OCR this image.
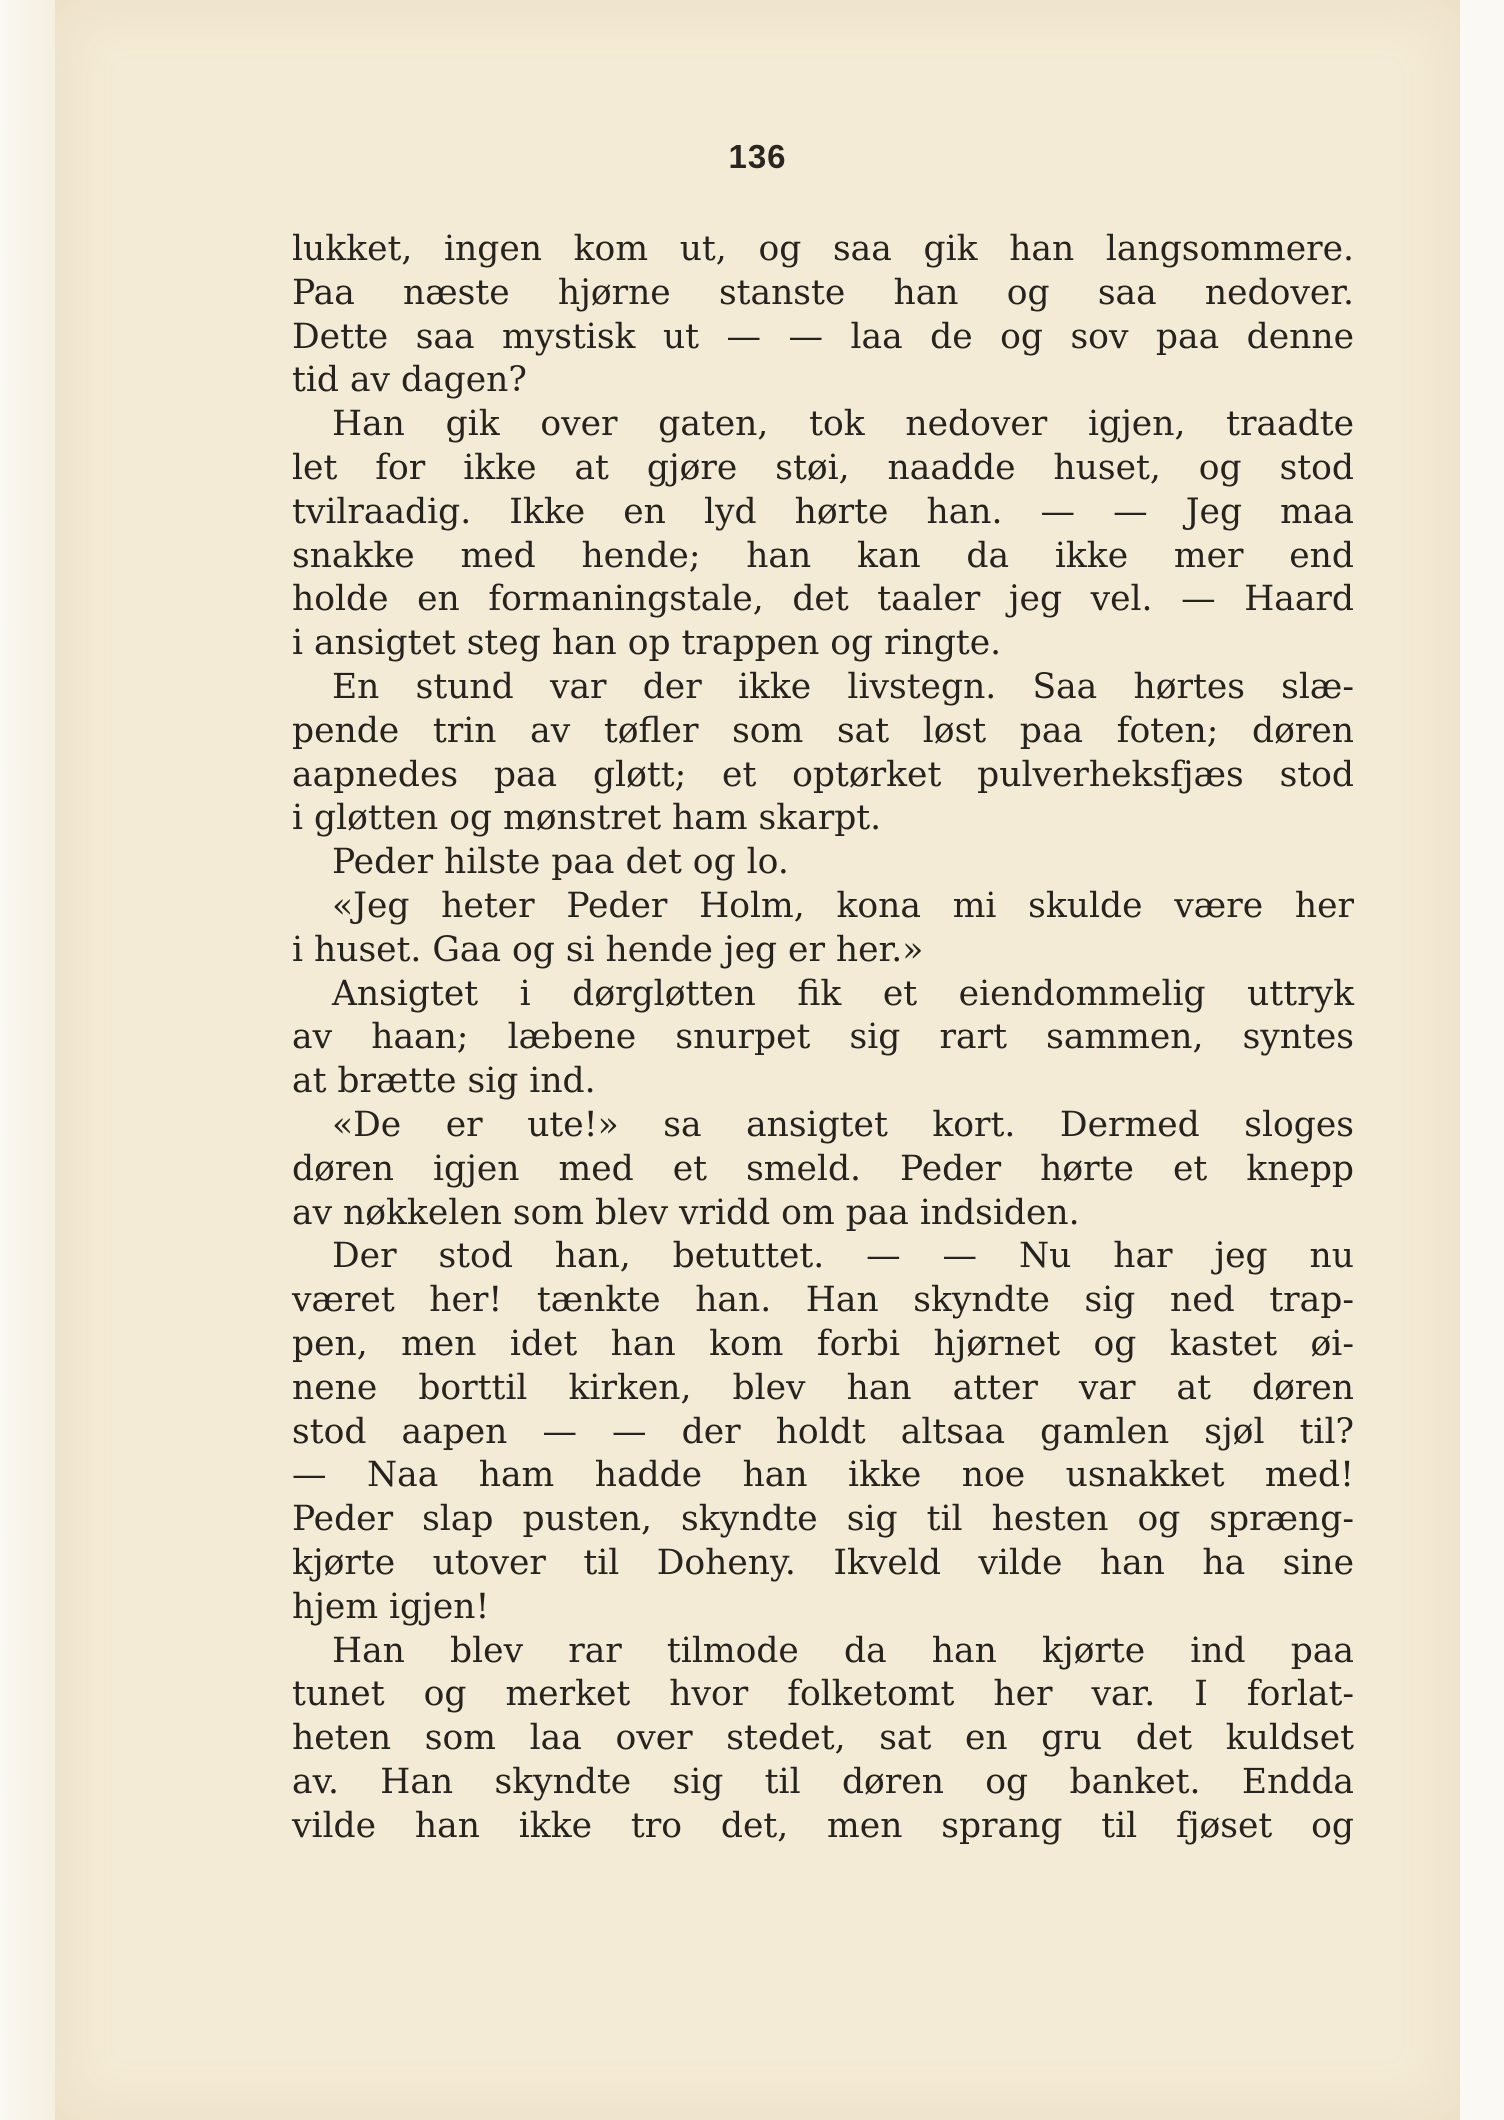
136
lukket, ingen kom ut, og saa gik han langsommere.
Paa næste hjørne stanste han og saa nedover.
Dette saa mystisk ut — — laa de og sov paa denne
tid av dagen?
Han gik over gaten, tok nedover igjen, traadte
let for ikke at gjøre støi, naadde huset, og stod
tvilraadig. Ikke en lyd hørte han. — — Jeg maa
snakke med hende; han kan da ikke mer end
holde en formaningstale, det taaler jeg vel. — Haard
i ansigtet steg han op trappen og ringte.
En stund var der ikke livstegn. Saa hørtes slæ-
pende trin av tøfler som sat løst paa foten; døren
aapnedes paa gløtt; et optørket pulverheksfjæs stod
i gløtten og mønstret ham skarpt.
Peder hilste paa det og lo.
«Jeg heter Peder Holm, kona mi skulde være her
i huset. Gaa og si hende jeg er her.»
Ansigtet i dørgløtten fik et eiendommelig uttryk
av haan; læbene snurpet sig rart sammen, syntes
at brætte sig ind.
«De er ute!» sa ansigtet kort. Dermed sloges
døren igjen med et smeld. Peder hørte et knepp
av nøkkelen som blev vridd om paa indsiden.
Der stod han, betuttet. — — Nu har jeg nu
været her! tænkte han. Han skyndte sig ned trap-
pen, men idet han kom forbi hjørnet og kastet øi-
nene borttil kirken, blev han atter var at døren
stod aapen — — der holdt altsaa gamlen sjøl til?
— Naa ham hadde han ikke noe usnakket med!
Peder slap pusten, skyndte sig til hesten og spræng-
kjørte utover til Doheny. Ikveld vilde han ha sine
hjem igjen!
Han blev rar tilmode da han kjørte ind paa
tunet og merket hvor folketomt her var. I forlat-
heten som laa over stedet, sat en gru det kuldset
av. Han skyndte sig til døren og banket. Endda
vilde han ikke tro det, men sprang til fjøset og
